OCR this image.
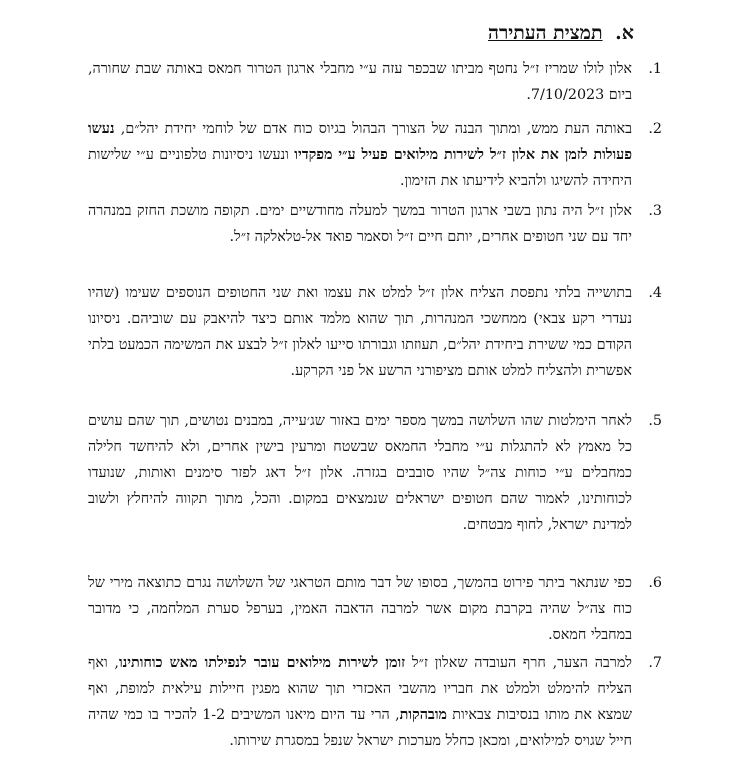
א. תמצית העתירה
1.

אלון לולו שמריז ז״ל נחטף מביתו שבכפר עזה ע״י מחבלי ארגון הטרור חמאס באותה שבת שחורה, ביום 7/10/2023.

2.

באותה העת ממש, ומתוך הבנה של הצורך הבהול בגיוס כוח אדם של לוחמי יחידת יהל״ם, נעשו פעולות לזמן את אלון ז״ל לשירות מילואים פעיל ע״י מפקדיו ונעשו ניסיונות טלפוניים ע״י שלישות היחידה להשיגו ולהביא לידיעתו את הזימון.

3.

אלון ז״ל היה נתון בשבי ארגון הטרור במשך למעלה מחודשיים ימים. תקופה מושכת החזק במנהרה יחד עם שני חטופים אחרים, יותם חיים ז״ל וסאמר פואד אל-טלאלקה ז״ל.

4.

בתושייה בלתי נתפסת הצליח אלון ז״ל למלט את עצמו ואת שני החטופים הנוספים שעימו (שהיו נעדרי רקע צבאי) ממחשכי המנהרות, תוך שהוא מלמד אותם כיצד להיאבק עם שוביהם. ניסיונו הקודם כמי ששירת ביחידת יהל״ם, תעוזתו וגבורתו סייעו לאלון ז״ל לבצע את המשימה הכמעט בלתי אפשרית ולהצליח למלט אותם מציפורני הרשע אל פני הקרקע.

5.

לאחר הימלטות שהו השלושה במשך מספר ימים באזור שג׳עייה, במבנים נטושים, תוך שהם עושים כל מאמץ לא להתגלות ע״י מחבלי החמאס שבשטח ומרעין בישין אחרים, ולא להיחשד חלילה כמחבלים ע״י כוחות צה״ל שהיו סובבים בגזרה. אלון ז״ל דאג לפזר סימנים ואותות, שנועדו לכוחותינו, לאמור שהם חטופים ישראלים שנמצאים במקום. והכל, מתוך תקווה להיחלץ ולשוב למדינת ישראל, לחוף מבטחים.

6.

כפי שנתאר ביתר פירוט בהמשך, בסופו של דבר מותם הטראגי של השלושה נגרם כתוצאה מירי של כוח צה״ל שהיה בקרבת מקום אשר למרבה הדאבה האמין, בערפל סערת המלחמה, כי מדובר במחבלי חמאס.

7.

למרבה הצער, חרף העובדה שאלון ז״ל זומן לשירות מילואים עובר לנפילתו מאש כוחותינו, ואף הצליח להימלט ולמלט את חבריו מהשבי האכזרי תוך שהוא מפגין חיילות עילאית למופת, ואף שמצא את מותו בנסיבות צבאיות מובהקות, הרי עד היום מיאנו המשיבים 1-2 להכיר בו כמי שהיה חייל שגויס למילואים, ומכאן כחלל מערכות ישראל שנפל במסגרת שירותו.
